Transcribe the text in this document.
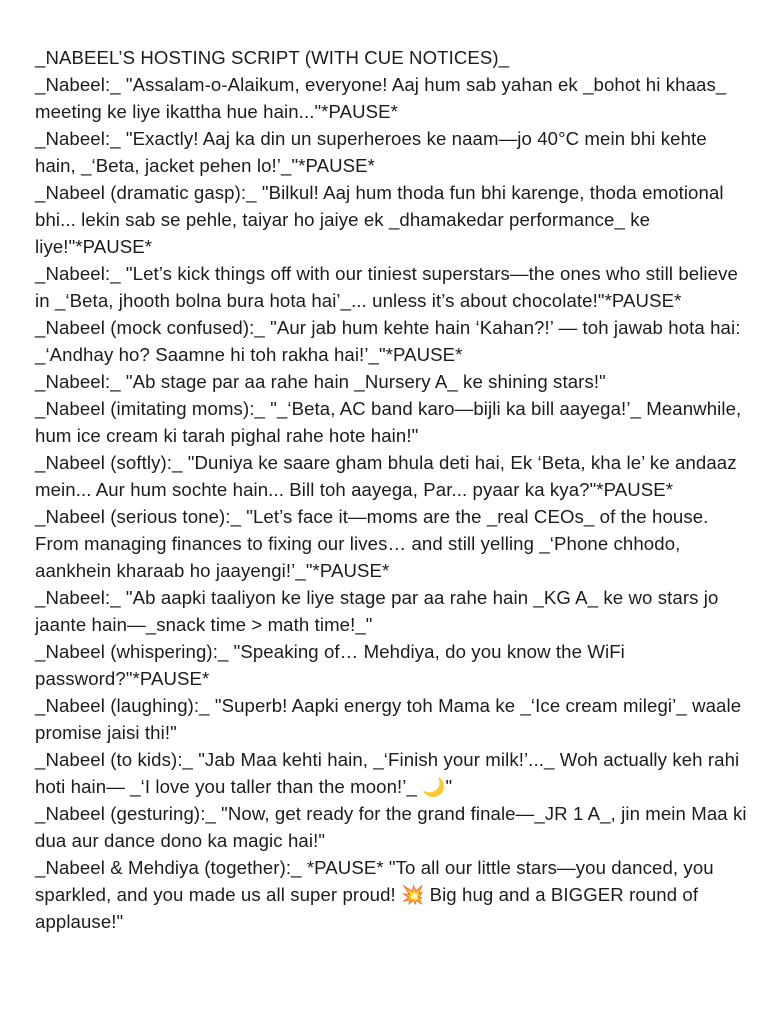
_NABEEL’S HOSTING SCRIPT (WITH CUE NOTICES)_

_Nabeel:_ "Assalam-o-Alaikum, everyone! Aaj hum sab yahan ek _bohot hi khaas_ meeting ke liye ikattha hue hain..."*PAUSE*

_Nabeel:_ "Exactly! Aaj ka din un superheroes ke naam—jo 40°C mein bhi kehte hain, _‘Beta, jacket pehen lo!’_"*PAUSE*

_Nabeel (dramatic gasp):_ "Bilkul! Aaj hum thoda fun bhi karenge, thoda emotional bhi... lekin sab se pehle, taiyar ho jaiye ek _dhamakedar performance_ ke liye!"*PAUSE*

_Nabeel:_ "Let’s kick things off with our tiniest superstars—the ones who still believe in _‘Beta, jhooth bolna bura hota hai’_... unless it’s about chocolate!"*PAUSE*

_Nabeel (mock confused):_ "Aur jab hum kehte hain ‘Kahan?!’ — toh jawab hota hai: _‘Andhay ho? Saamne hi toh rakha hai!’_"*PAUSE*

_Nabeel:_ "Ab stage par aa rahe hain _Nursery A_ ke shining stars!"

_Nabeel (imitating moms):_ "_‘Beta, AC band karo—bijli ka bill aayega!’_ Meanwhile, hum ice cream ki tarah pighal rahe hote hain!"

_Nabeel (softly):_ "Duniya ke saare gham bhula deti hai, Ek ‘Beta, kha le’ ke andaaz mein... Aur hum sochte hain... Bill toh aayega, Par... pyaar ka kya?"*PAUSE*

_Nabeel (serious tone):_ "Let’s face it—moms are the _real CEOs_ of the house. From managing finances to fixing our lives… and still yelling _‘Phone chhodo, aankhein kharaab ho jaayengi!’_"*PAUSE*

_Nabeel:_ "Ab aapki taaliyon ke liye stage par aa rahe hain _KG A_ ke wo stars jo jaante hain—_snack time > math time!_"

_Nabeel (whispering):_ "Speaking of… Mehdiya, do you know the WiFi password?"*PAUSE*

_Nabeel (laughing):_ "Superb! Aapki energy toh Mama ke _‘Ice cream milegi’_ waale promise jaisi thi!"

_Nabeel (to kids):_ "Jab Maa kehti hain, _‘Finish your milk!’..._ Woh actually keh rahi hoti hain— _‘I love you taller than the moon!’_ 🌙"

_Nabeel (gesturing):_ "Now, get ready for the grand finale—_JR 1 A_, jin mein Maa ki dua aur dance dono ka magic hai!"

_Nabeel & Mehdiya (together):_ *PAUSE* "To all our little stars—you danced, you sparkled, and you made us all super proud! 💥 Big hug and a BIGGER round of applause!"
